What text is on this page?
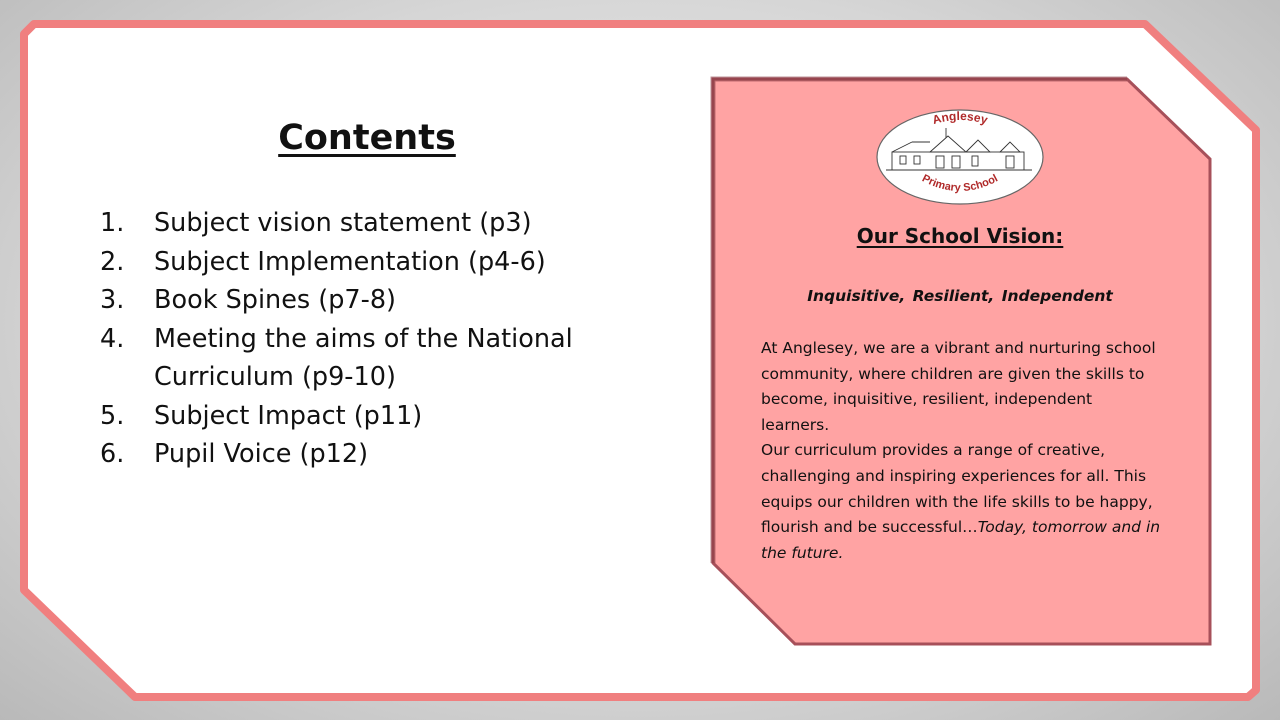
Contents
1.	Subject vision statement (p3)
2.	Subject Implementation (p4-6)
3.	Book Spines (p7-8)
4.	Meeting the aims of the National Curriculum (p9-10)
5.	Subject Impact (p11)
6.	Pupil Voice (p12)
Anglesey
Primary School
Our School Vision:
Inquisitive, Resilient, Independent

At Anglesey, we are a vibrant and nurturing school community, where children are given the skills to become, inquisitive, resilient, independent learners.

Our curriculum provides a range of creative, challenging and inspiring experiences for all. This equips our children with the life skills to be happy, flourish and be successful…Today, tomorrow and in the future.
